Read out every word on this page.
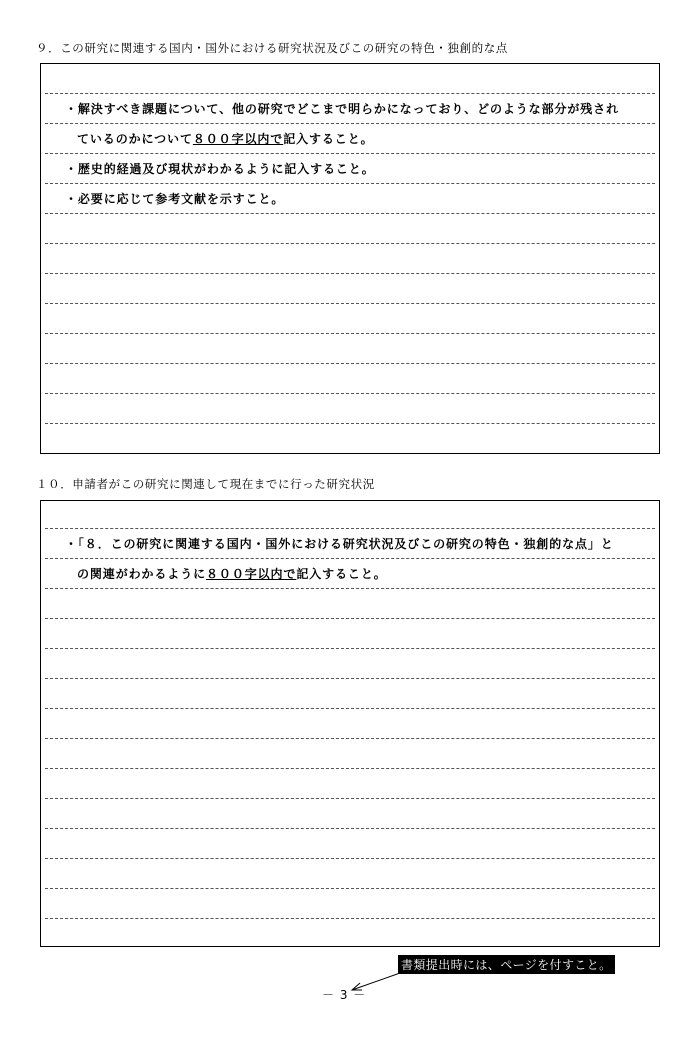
９．この研究に関連する国内・国外における研究状況及びこの研究の特色・独創的な点
・解決すべき課題について、他の研究でどこまで明らかになっており、どのような部分が残され
ているのかについて８００字以内で記入すること。
・歴史的経過及び現状がわかるように記入すること。
・必要に応じて参考文献を示すこと。
１０．申請者がこの研究に関連して現在までに行った研究状況
・「８．この研究に関連する国内・国外における研究状況及びこの研究の特色・独創的な点」と
の関連がわかるように８００字以内で記入すること。
書類提出時には、ページを付すこと。
－ 3 －
